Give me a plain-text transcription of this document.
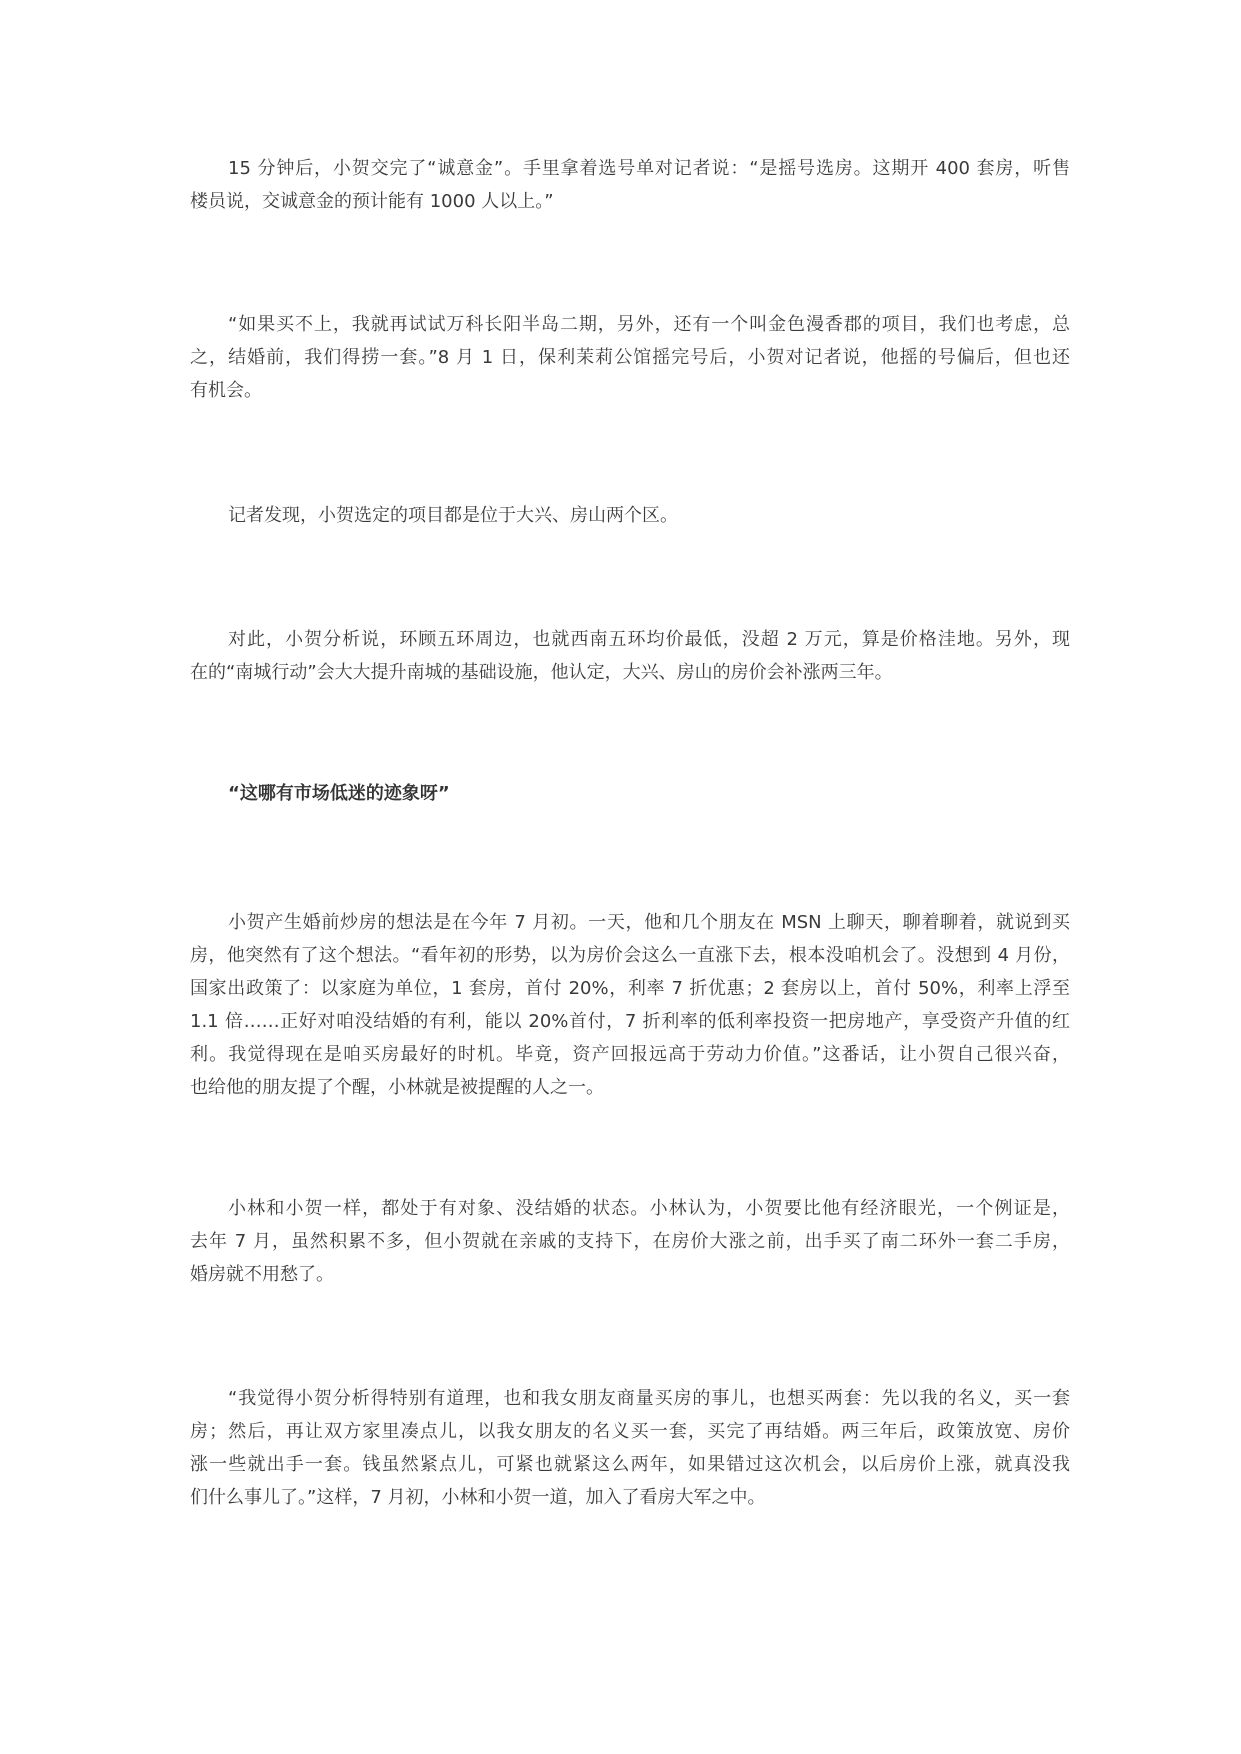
15 分钟后，小贺交完了“诚意金”。手里拿着选号单对记者说：“是摇号选房。这期开 400 套房，听售
楼员说，交诚意金的预计能有 1000 人以上。”
“如果买不上，我就再试试万科长阳半岛二期，另外，还有一个叫金色漫香郡的项目，我们也考虑，总
之，结婚前，我们得捞一套。”8 月 1 日，保利茉莉公馆摇完号后，小贺对记者说，他摇的号偏后，但也还
有机会。
记者发现，小贺选定的项目都是位于大兴、房山两个区。
对此，小贺分析说，环顾五环周边，也就西南五环均价最低，没超 2 万元，算是价格洼地。另外，现
在的“南城行动”会大大提升南城的基础设施，他认定，大兴、房山的房价会补涨两三年。
“这哪有市场低迷的迹象呀”
小贺产生婚前炒房的想法是在今年 7 月初。一天，他和几个朋友在 MSN 上聊天，聊着聊着，就说到买
房，他突然有了这个想法。“看年初的形势，以为房价会这么一直涨下去，根本没咱机会了。没想到 4 月份，
国家出政策了：以家庭为单位，1 套房，首付 20%，利率 7 折优惠；2 套房以上，首付 50%，利率上浮至
1.1 倍……正好对咱没结婚的有利，能以 20%首付，7 折利率的低利率投资一把房地产，享受资产升值的红
利。我觉得现在是咱买房最好的时机。毕竟，资产回报远高于劳动力价值。”这番话，让小贺自己很兴奋，
也给他的朋友提了个醒，小林就是被提醒的人之一。
小林和小贺一样，都处于有对象、没结婚的状态。小林认为，小贺要比他有经济眼光，一个例证是，
去年 7 月，虽然积累不多，但小贺就在亲戚的支持下，在房价大涨之前，出手买了南二环外一套二手房，
婚房就不用愁了。
“我觉得小贺分析得特别有道理，也和我女朋友商量买房的事儿，也想买两套：先以我的名义，买一套
房；然后，再让双方家里凑点儿，以我女朋友的名义买一套，买完了再结婚。两三年后，政策放宽、房价
涨一些就出手一套。钱虽然紧点儿，可紧也就紧这么两年，如果错过这次机会，以后房价上涨，就真没我
们什么事儿了。”这样，7 月初，小林和小贺一道，加入了看房大军之中。
